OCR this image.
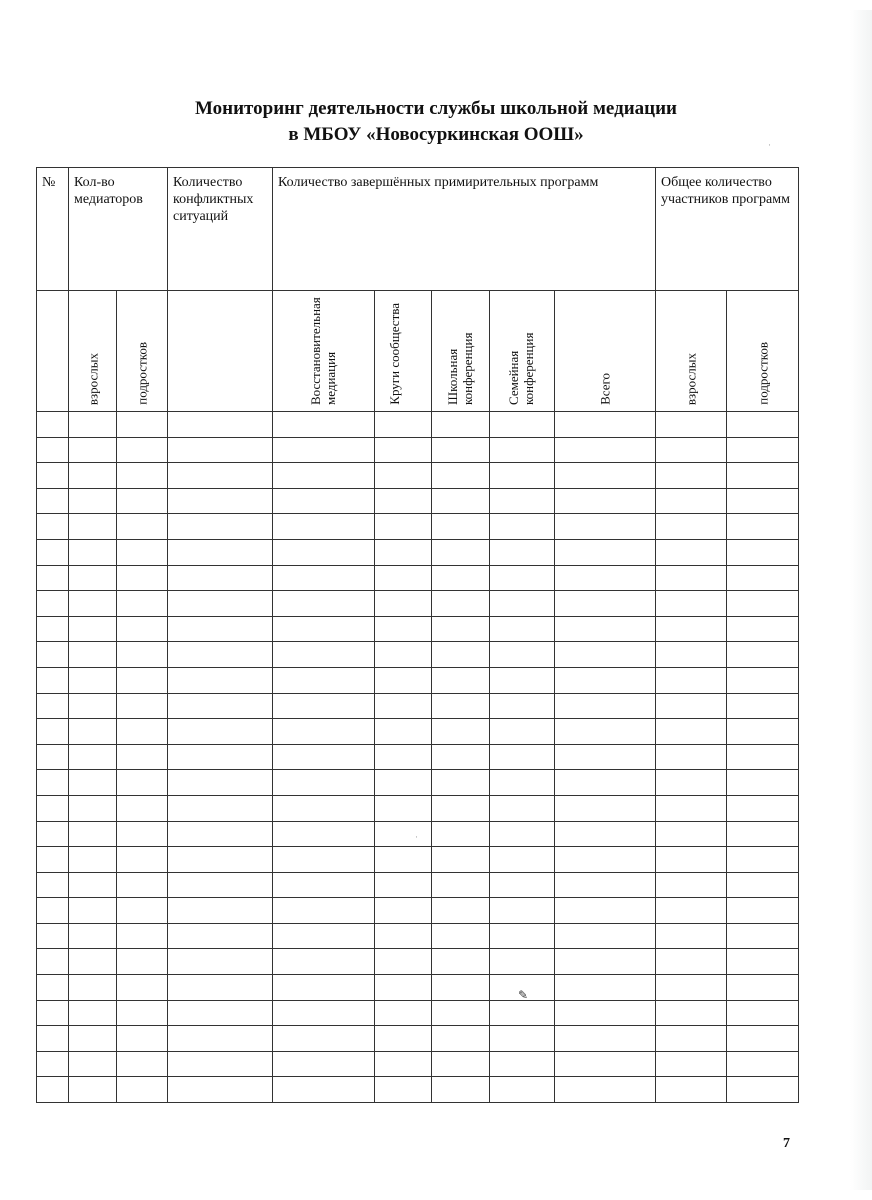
Мониторинг деятельности службы школьной медиации
в МБОУ «Новосуркинская ООШ»
№	Кол-во медиаторов		Количество конфликтных ситуаций	Количество завершённых примирительных программ					Общее количество участников программ	

	взрослых	подростков		Восстановительная медиация	Круги сообщества	Школьная конференция	Семейная конференция	Всего	взрослых	подростков

7
·
✎
·
